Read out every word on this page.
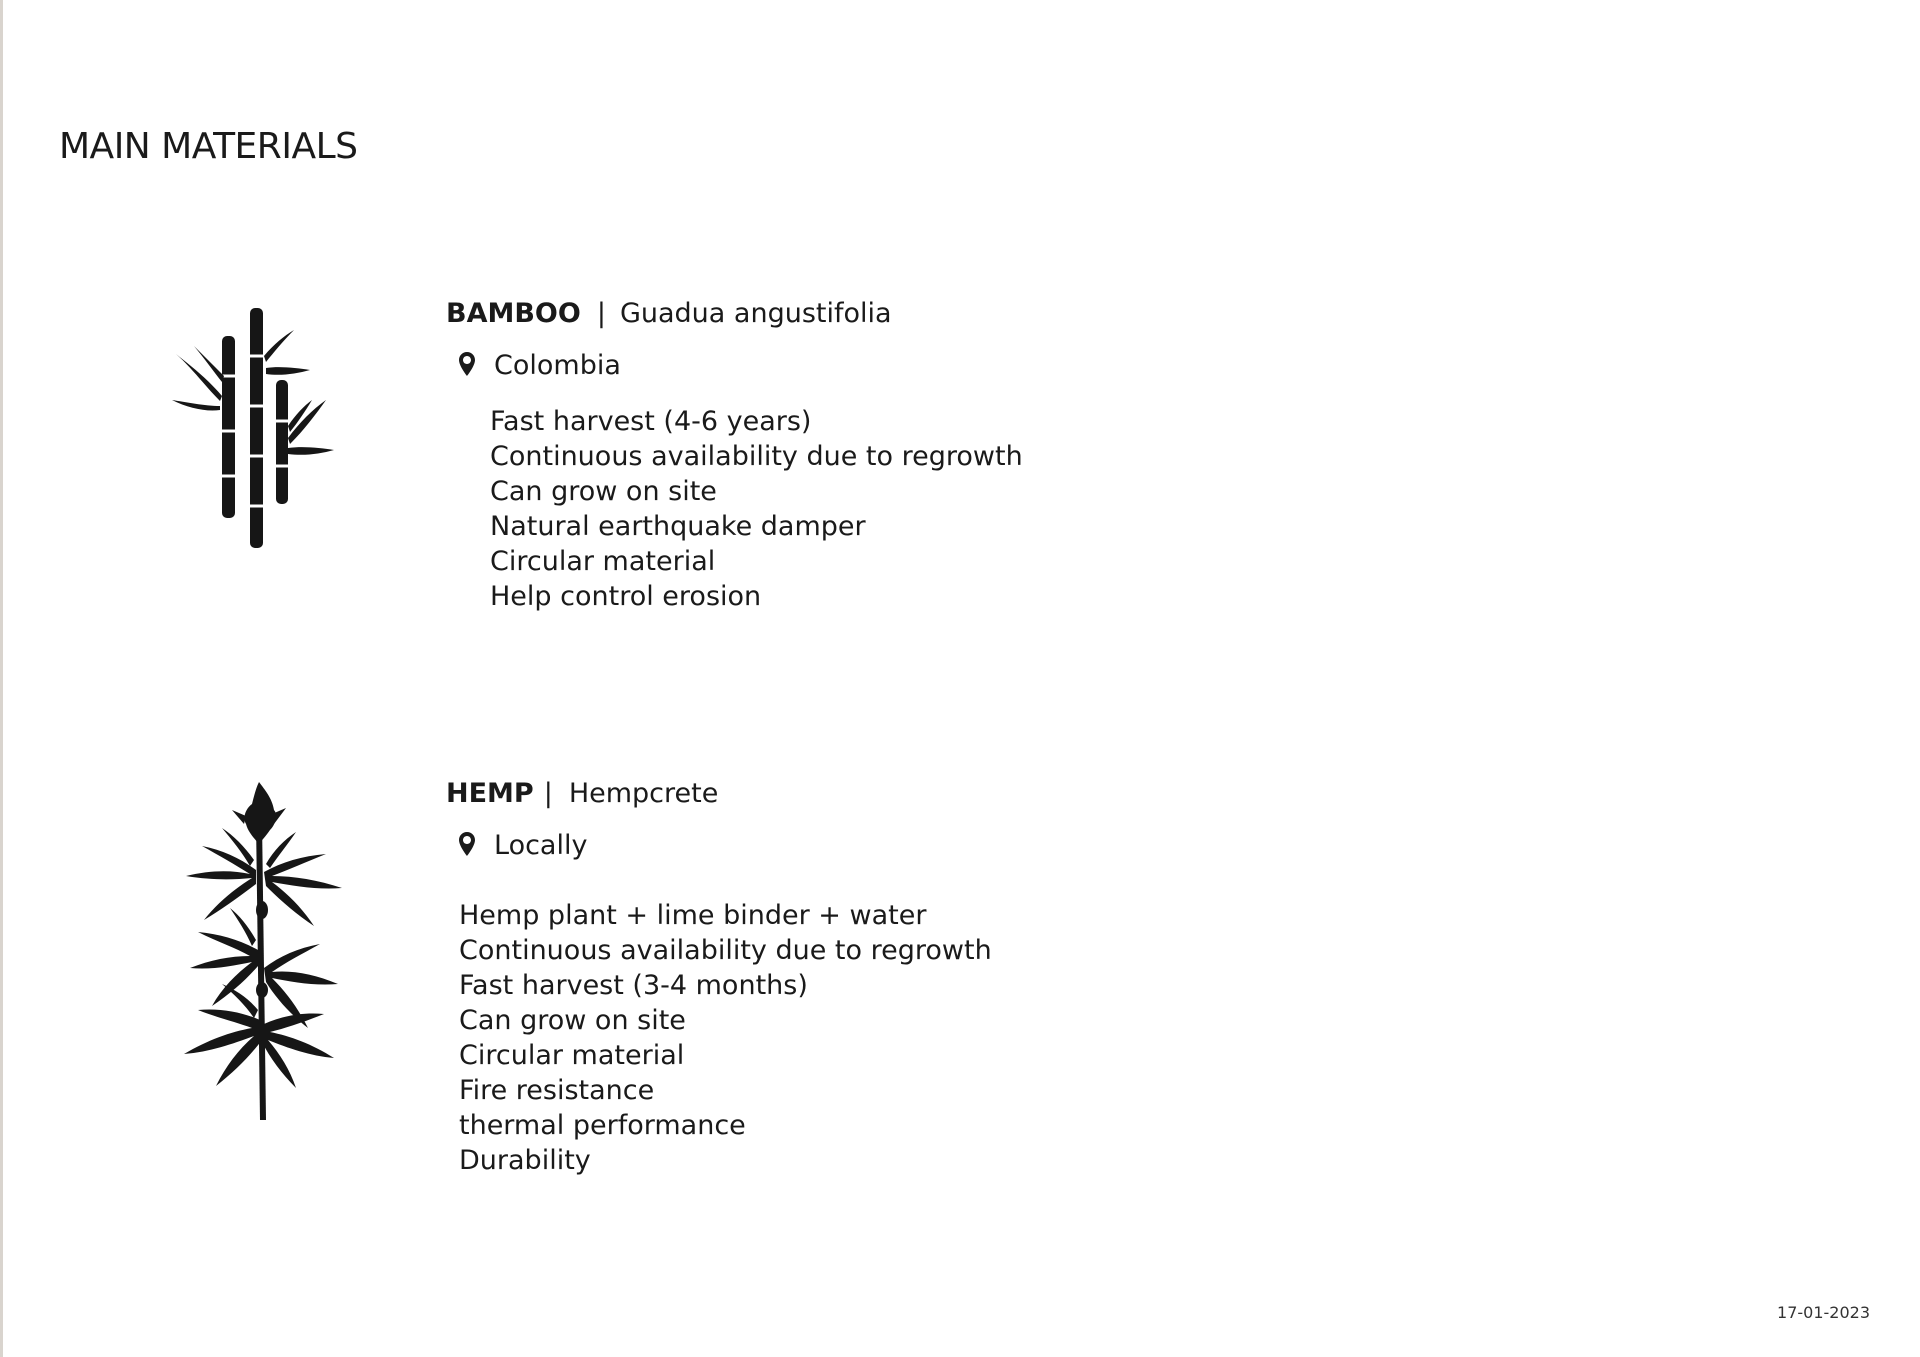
MAIN MATERIALS
BAMBOO | Guadua angustifolia
Colombia
Fast harvest (4-6 years)
Continuous availability due to regrowth
Can grow on site
Natural earthquake damper
Circular material
Help control erosion
HEMP | Hempcrete
Locally
Hemp plant + lime binder + water
Continuous availability due to regrowth
Fast harvest (3-4 months)
Can grow on site
Circular material
Fire resistance
thermal performance
Durability
17-01-2023
